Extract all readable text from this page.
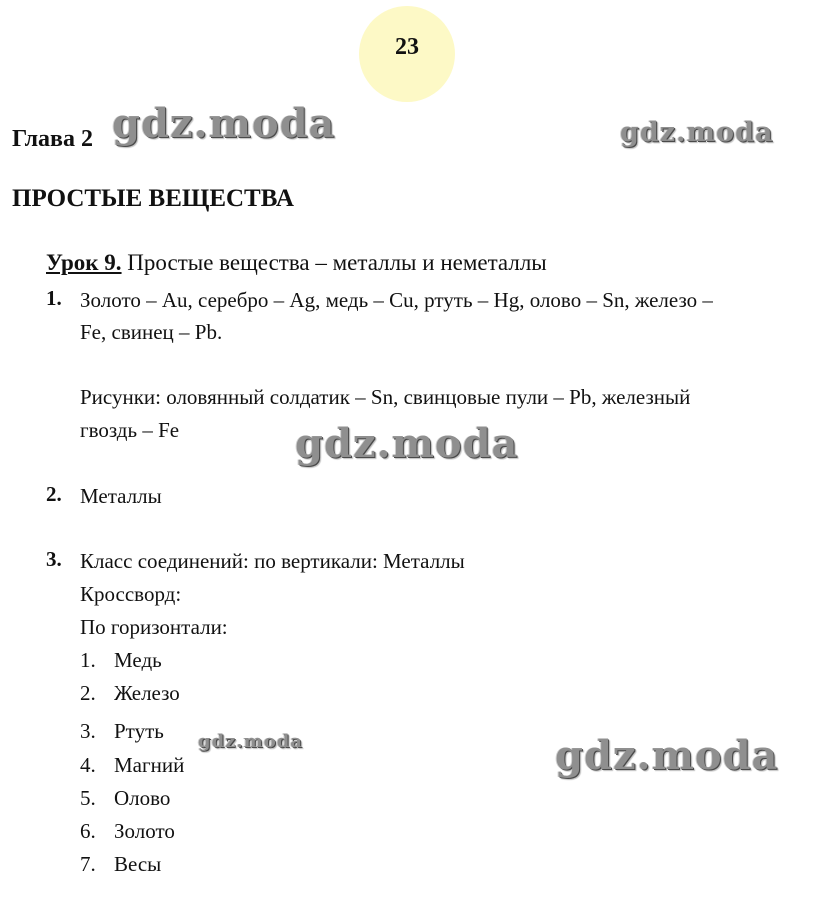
23
Глава 2
ПРОСТЫЕ ВЕЩЕСТВА
Урок 9. Простые вещества – металлы и неметаллы
1. Золото – Au, серебро – Ag, медь – Cu, ртуть – Hg, олово – Sn, железо –
Fe, свинец – Pb.
Рисунки: оловянный солдатик – Sn, свинцовые пули – Pb, железный
гвоздь – Fe
2. Металлы
3. Класс соединений: по вертикали: Металлы
Кроссворд:
По горизонтали:
1. Медь
2. Железо
3. Ртуть
4. Магний
5. Олово
6. Золото
7. Весы
gdz.moda	gdz.moda
gdz.moda
gdz.moda	gdz.moda
